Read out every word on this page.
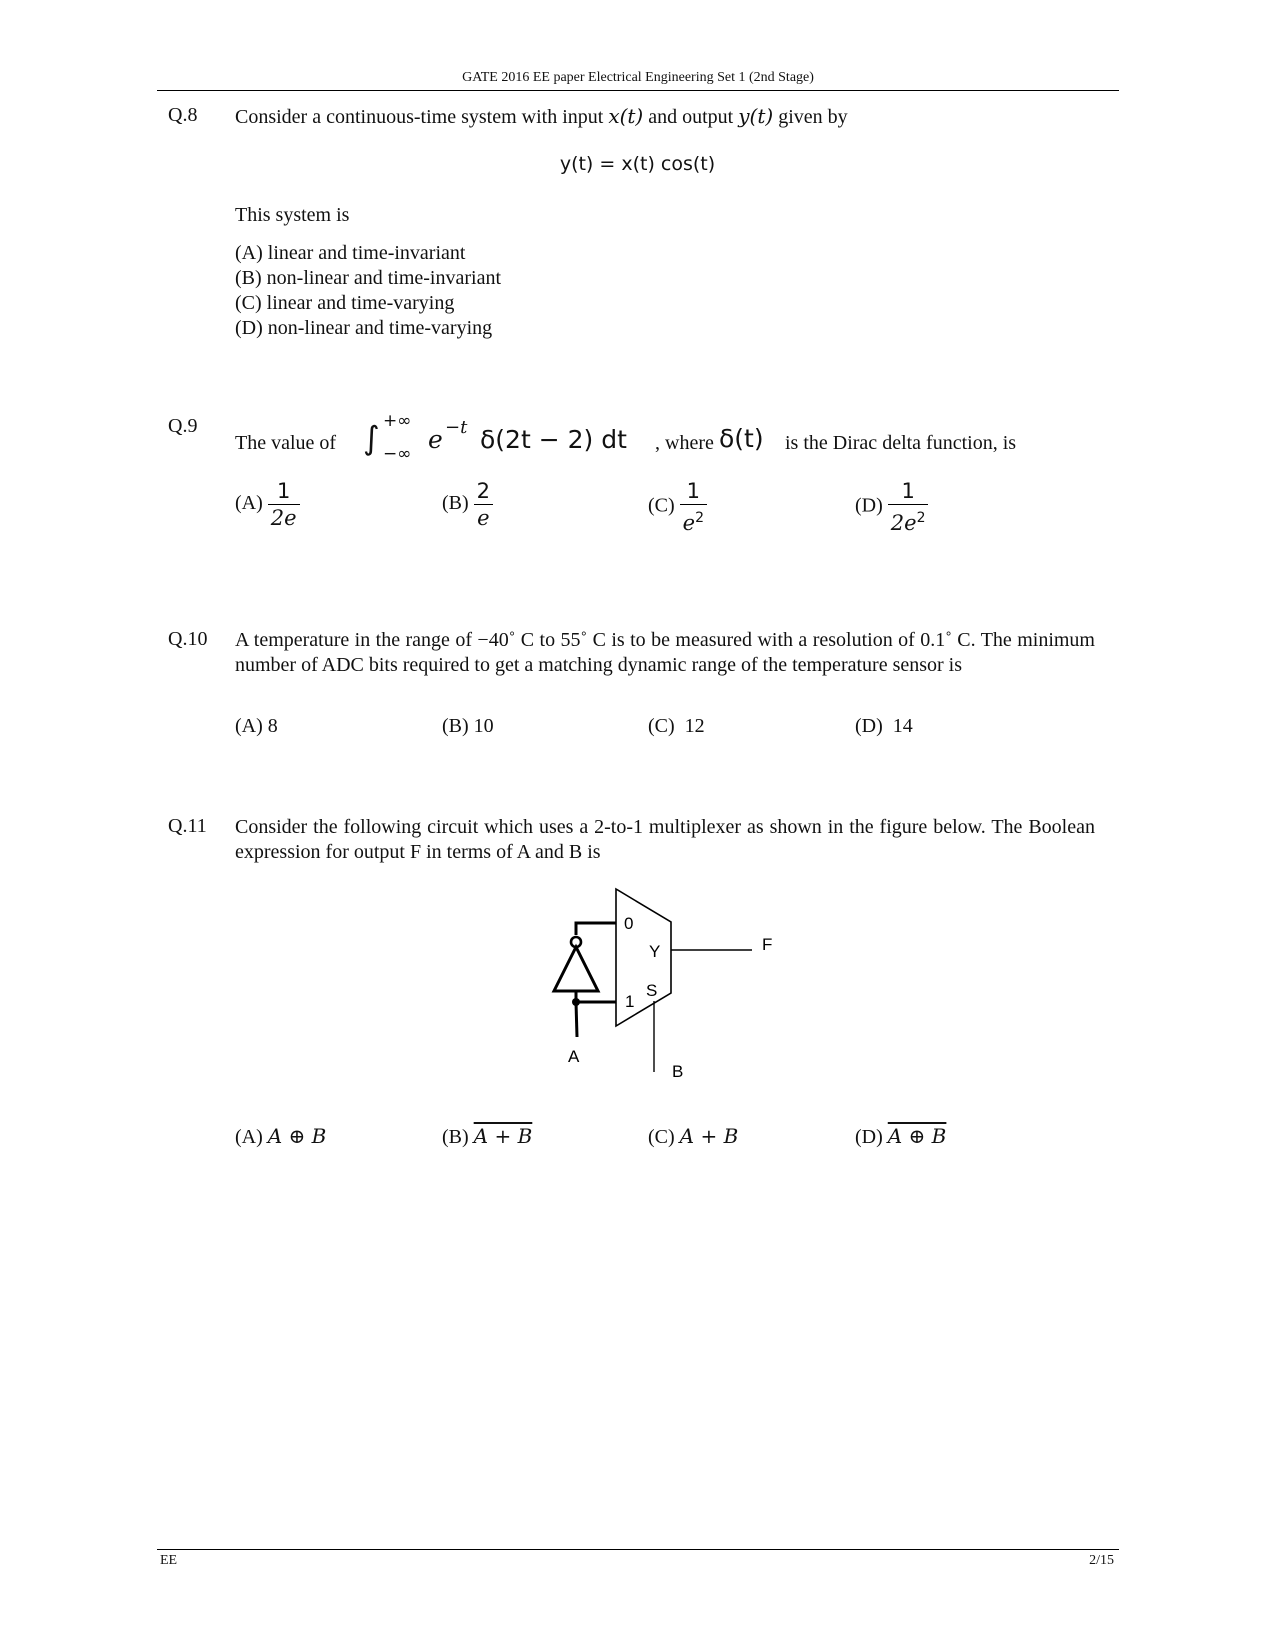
GATE 2016 EE paper Electrical Engineering Set 1 (2nd Stage)
Q.8 Consider a continuous-time system with input x(t) and output y(t) given by
y(t) = x(t) cos(t)
This system is
(A) linear and time-invariant
(B) non-linear and time-invariant
(C) linear and time-varying
(D) non-linear and time-varying
Q.9
The value of ∫ +∞
−∞ e −t δ(2t − 2) dt , where δ(t) is the Dirac delta function, is
$(A) \frac{1}{2e}$	$(B) \frac{2}{e}$	$(C) \frac{1}{e^2}$	$(D) \frac{1}{2e^2}$
Q.10 A temperature in the range of −40˚ C to 55˚ C is to be measured with a resolution of 0.1˚ C. The minimum number of ADC bits required to get a matching dynamic range of the temperature sensor is
(A) 8	(B) 10	(C)  12	(D)  14
Q.11 Consider the following circuit which uses a 2-to-1 multiplexer as shown in the figure below. The Boolean expression for output F in terms of A and B is
0
Y
S
1
F
A
B
(A) A ⊕ B	(B) A + B	(C) A + B	(D) A ⊕ B
EE	2/15
